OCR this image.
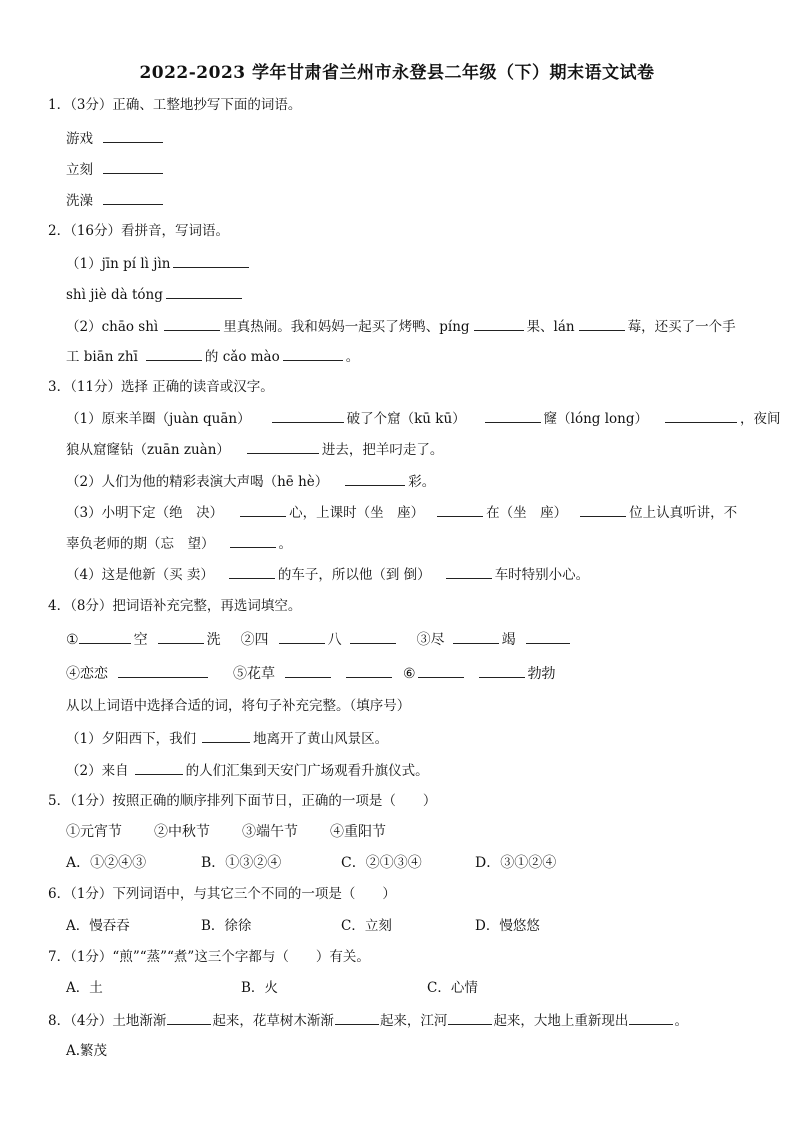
2022-2023 学年甘肃省兰州市永登县二年级（下）期末语文试卷
1．（3分）正确、工整地抄写下面的词语。
游戏
立刻
洗澡
2．（16分）看拼音，写词语。
（1）jīn pí lì jìn
shì jiè dà tóng
（2）chāo shì	里真热闹。我和妈妈一起买了烤鸭、píng	果、lán	莓，还买了一个手
工 biān zhī	的 cǎo mào	。
3．（11分）选择 正确的读音或汉字。
（1）原来羊圈（juàn quān）	破了个窟（kū kū）	窿（lóng long）	，夜间
狼从窟窿钻（zuān zuàn）	进去，把羊叼走了。
（2）人们为他的精彩表演大声喝（hē hè）	彩。
（3）小明下定（绝　决）	心，上课时（坐　座）	在（坐　座）	位上认真听讲，不
辜负老师的期（忘　望）	。
（4）这是他新（买 卖）	的车子，所以他（到 倒）	车时特别小心。
4．（8分）把词语补充完整，再选词填空。
①	空	洗 ②四	八	③尽	竭
④恋恋	⑤花草	⑥	勃勃
从以上词语中选择合适的词，将句子补充完整。（填序号）
（1）夕阳西下，我们	地离开了黄山风景区。
（2）来自	的人们汇集到天安门广场观看升旗仪式。
5．（1分）按照正确的顺序排列下面节日，正确的一项是（　　）
①元宵节 ②中秋节 ③端午节 ④重阳节
A．①②④③	B．①③②④	C．②①③④	D．③①②④
6．（1分）下列词语中，与其它三个不同的一项是（　　）
A．慢吞吞	B．徐徐	C．立刻	D．慢悠悠
7．（1分）“煎”“蒸”“煮”这三个字都与（　　）有关。
A．土	B．火	C．心情
8．（4分）土地渐渐	起来，花草树木渐渐	起来，江河	起来，大地上重新现出	。
A.繁茂
